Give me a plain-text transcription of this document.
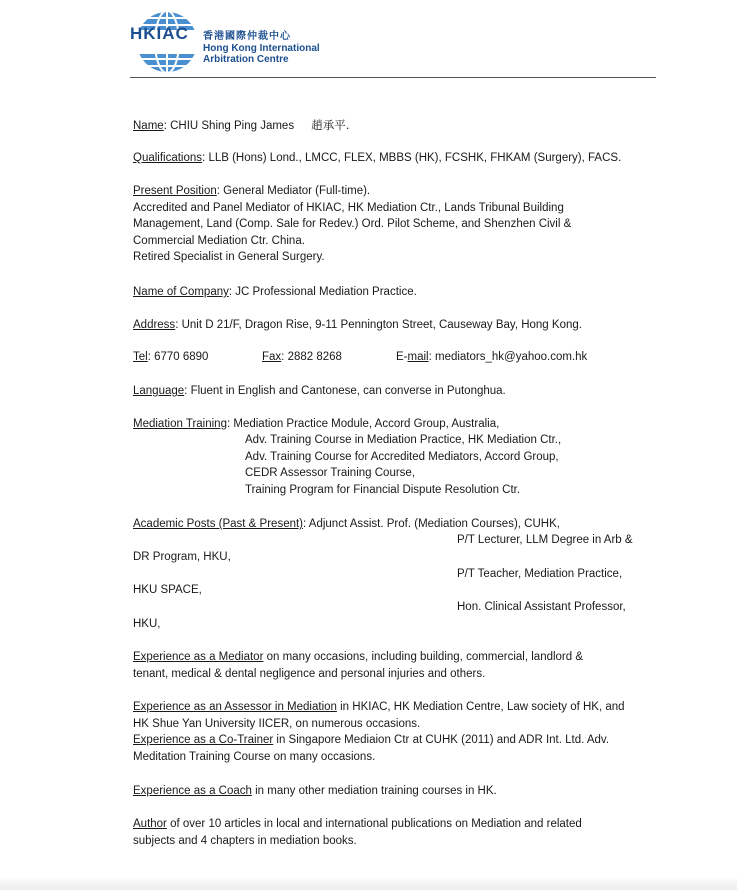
HKIAC 香港國際仲裁中心
Hong Kong International
Arbitration Centre
Name: CHIU Shing Ping James 趙承平.
Qualifications: LLB (Hons) Lond., LMCC, FLEX, MBBS (HK), FCSHK, FHKAM (Surgery), FACS.
Present Position: General Mediator (Full-time).
Accredited and Panel Mediator of HKIAC, HK Mediation Ctr., Lands Tribunal Building
Management, Land (Comp. Sale for Redev.) Ord. Pilot Scheme, and Shenzhen Civil &
Commercial Mediation Ctr. China.
Retired Specialist in General Surgery.
Name of Company: JC Professional Mediation Practice.
Address: Unit D 21/F, Dragon Rise, 9-11 Pennington Street, Causeway Bay, Hong Kong.
Tel: 6770 6890	Fax: 2882 8268	E-mail: mediators_hk@yahoo.com.hk
Language: Fluent in English and Cantonese, can converse in Putonghua.
Mediation Training: Mediation Practice Module, Accord Group, Australia,
Adv. Training Course in Mediation Practice, HK Mediation Ctr.,
Adv. Training Course for Accredited Mediators, Accord Group,
CEDR Assessor Training Course,
Training Program for Financial Dispute Resolution Ctr.
Academic Posts (Past & Present): Adjunct Assist. Prof. (Mediation Courses), CUHK,
P/T Lecturer, LLM Degree in Arb &
DR Program, HKU,
P/T Teacher, Mediation Practice,
HKU SPACE,
Hon. Clinical Assistant Professor,
HKU,
Experience as a Mediator on many occasions, including building, commercial, landlord &
tenant, medical & dental negligence and personal injuries and others.
Experience as an Assessor in Mediation in HKIAC, HK Mediation Centre, Law society of HK, and
HK Shue Yan University IICER, on numerous occasions.
Experience as a Co-Trainer in Singapore Mediaion Ctr at CUHK (2011) and ADR Int. Ltd. Adv.
Meditation Training Course on many occasions.
Experience as a Coach in many other mediation training courses in HK.
Author of over 10 articles in local and international publications on Mediation and related
subjects and 4 chapters in mediation books.
